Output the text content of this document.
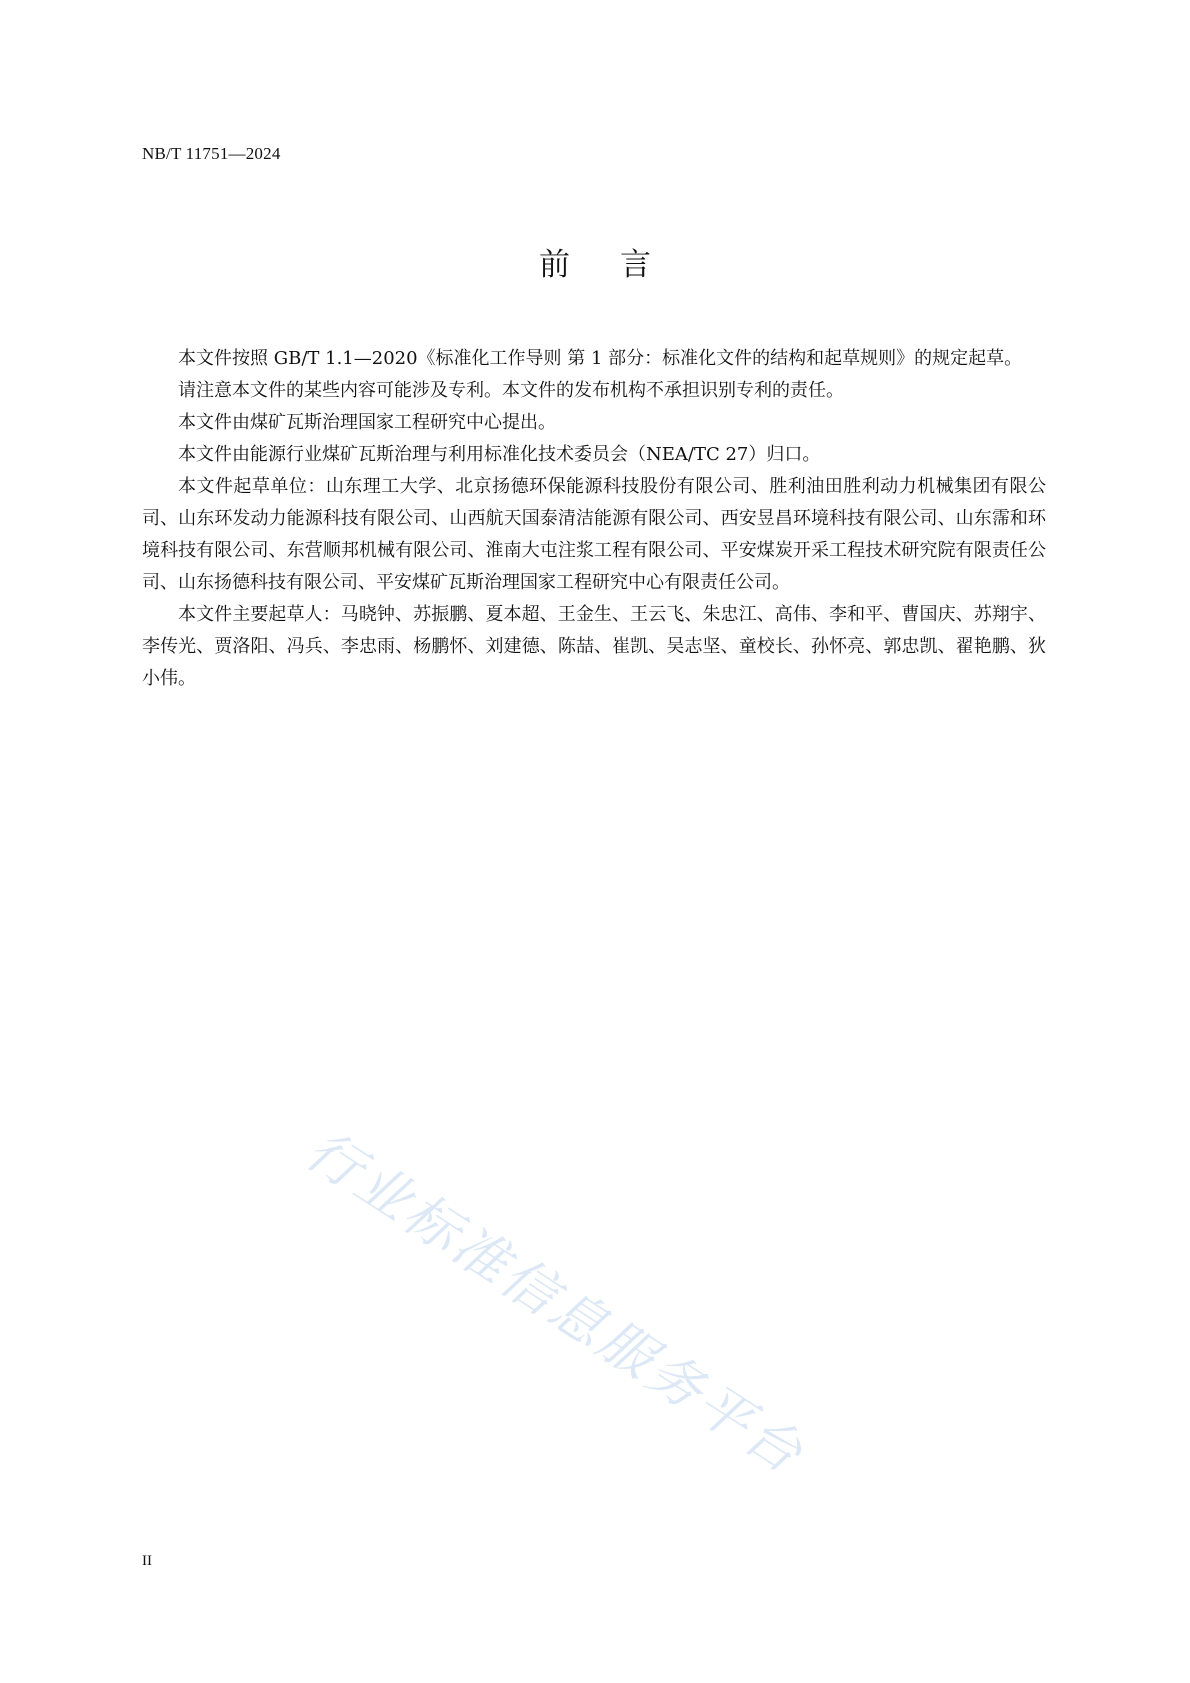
NB/T 11751—2024
前言

本文件按照 GB/T 1.1—2020《标准化工作导则 第 1 部分：标准化文件的结构和起草规则》的规定起草。

请注意本文件的某些内容可能涉及专利。本文件的发布机构不承担识别专利的责任。

本文件由煤矿瓦斯治理国家工程研究中心提出。

本文件由能源行业煤矿瓦斯治理与利用标准化技术委员会（NEA/TC 27）归口。

本文件起草单位：山东理工大学、北京扬德环保能源科技股份有限公司、胜利油田胜利动力机械集团有限公司、山东环发动力能源科技有限公司、山西航天国泰清洁能源有限公司、西安昱昌环境科技有限公司、山东霈和环境科技有限公司、东营顺邦机械有限公司、淮南大屯注浆工程有限公司、平安煤炭开采工程技术研究院有限责任公司、山东扬德科技有限公司、平安煤矿瓦斯治理国家工程研究中心有限责任公司。

本文件主要起草人：马晓钟、苏振鹏、夏本超、王金生、王云飞、朱忠江、高伟、李和平、曹国庆、苏翔宇、李传光、贾洛阳、冯兵、李忠雨、杨鹏怀、刘建德、陈喆、崔凯、吴志坚、童校长、孙怀亮、郭忠凯、翟艳鹏、狄小伟。

行业标准信息服务平台
II
